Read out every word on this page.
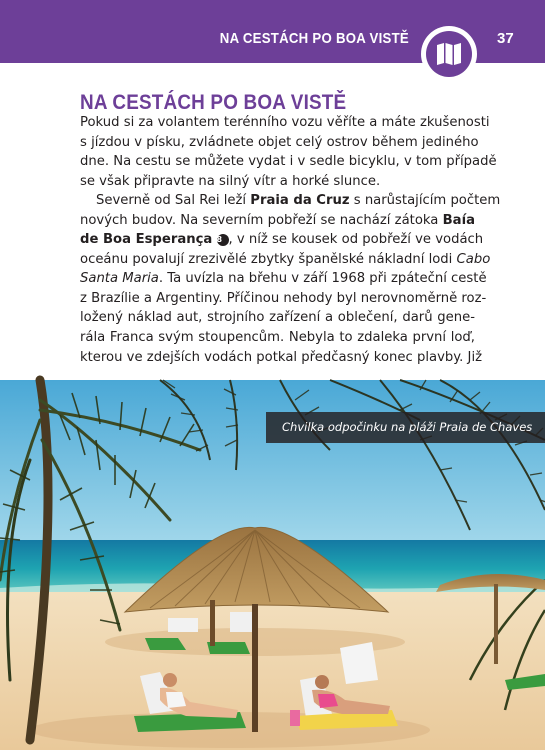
NA CESTÁCH PO BOA VISTĚ	37
NA CESTÁCH PO BOA VISTĚ
Pokud si za volantem terénního vozu věříte a máte zkušenosti
s jízdou v písku, zvládnete objet celý ostrov během jediného
dne. Na cestu se můžete vydat i v sedle bicyklu, v tom případě
se však připravte na silný vítr a horké slunce.
Severně od Sal Rei leží Praia da Cruz s narůstajícím počtem
nových budov. Na severním pobřeží se nachází zátoka Baía
de Boa Esperança 8 , v níž se kousek od pobřeží ve vodách
oceánu povalují zrezivělé zbytky španělské nákladní lodi Cabo
Santa Maria. Ta uvízla na břehu v září 1968 při zpáteční cestě
z Brazílie a Argentiny. Příčinou nehody byl nerovnoměrně roz-
ložený náklad aut, strojního zařízení a oblečení, darů gene-
rála Franca svým stoupencům. Nebyla to zdaleka první loď,
kterou ve zdejších vodách potkal předčasný konec plavby. Již
Chvilka odpočinku na pláži Praia de Chaves
